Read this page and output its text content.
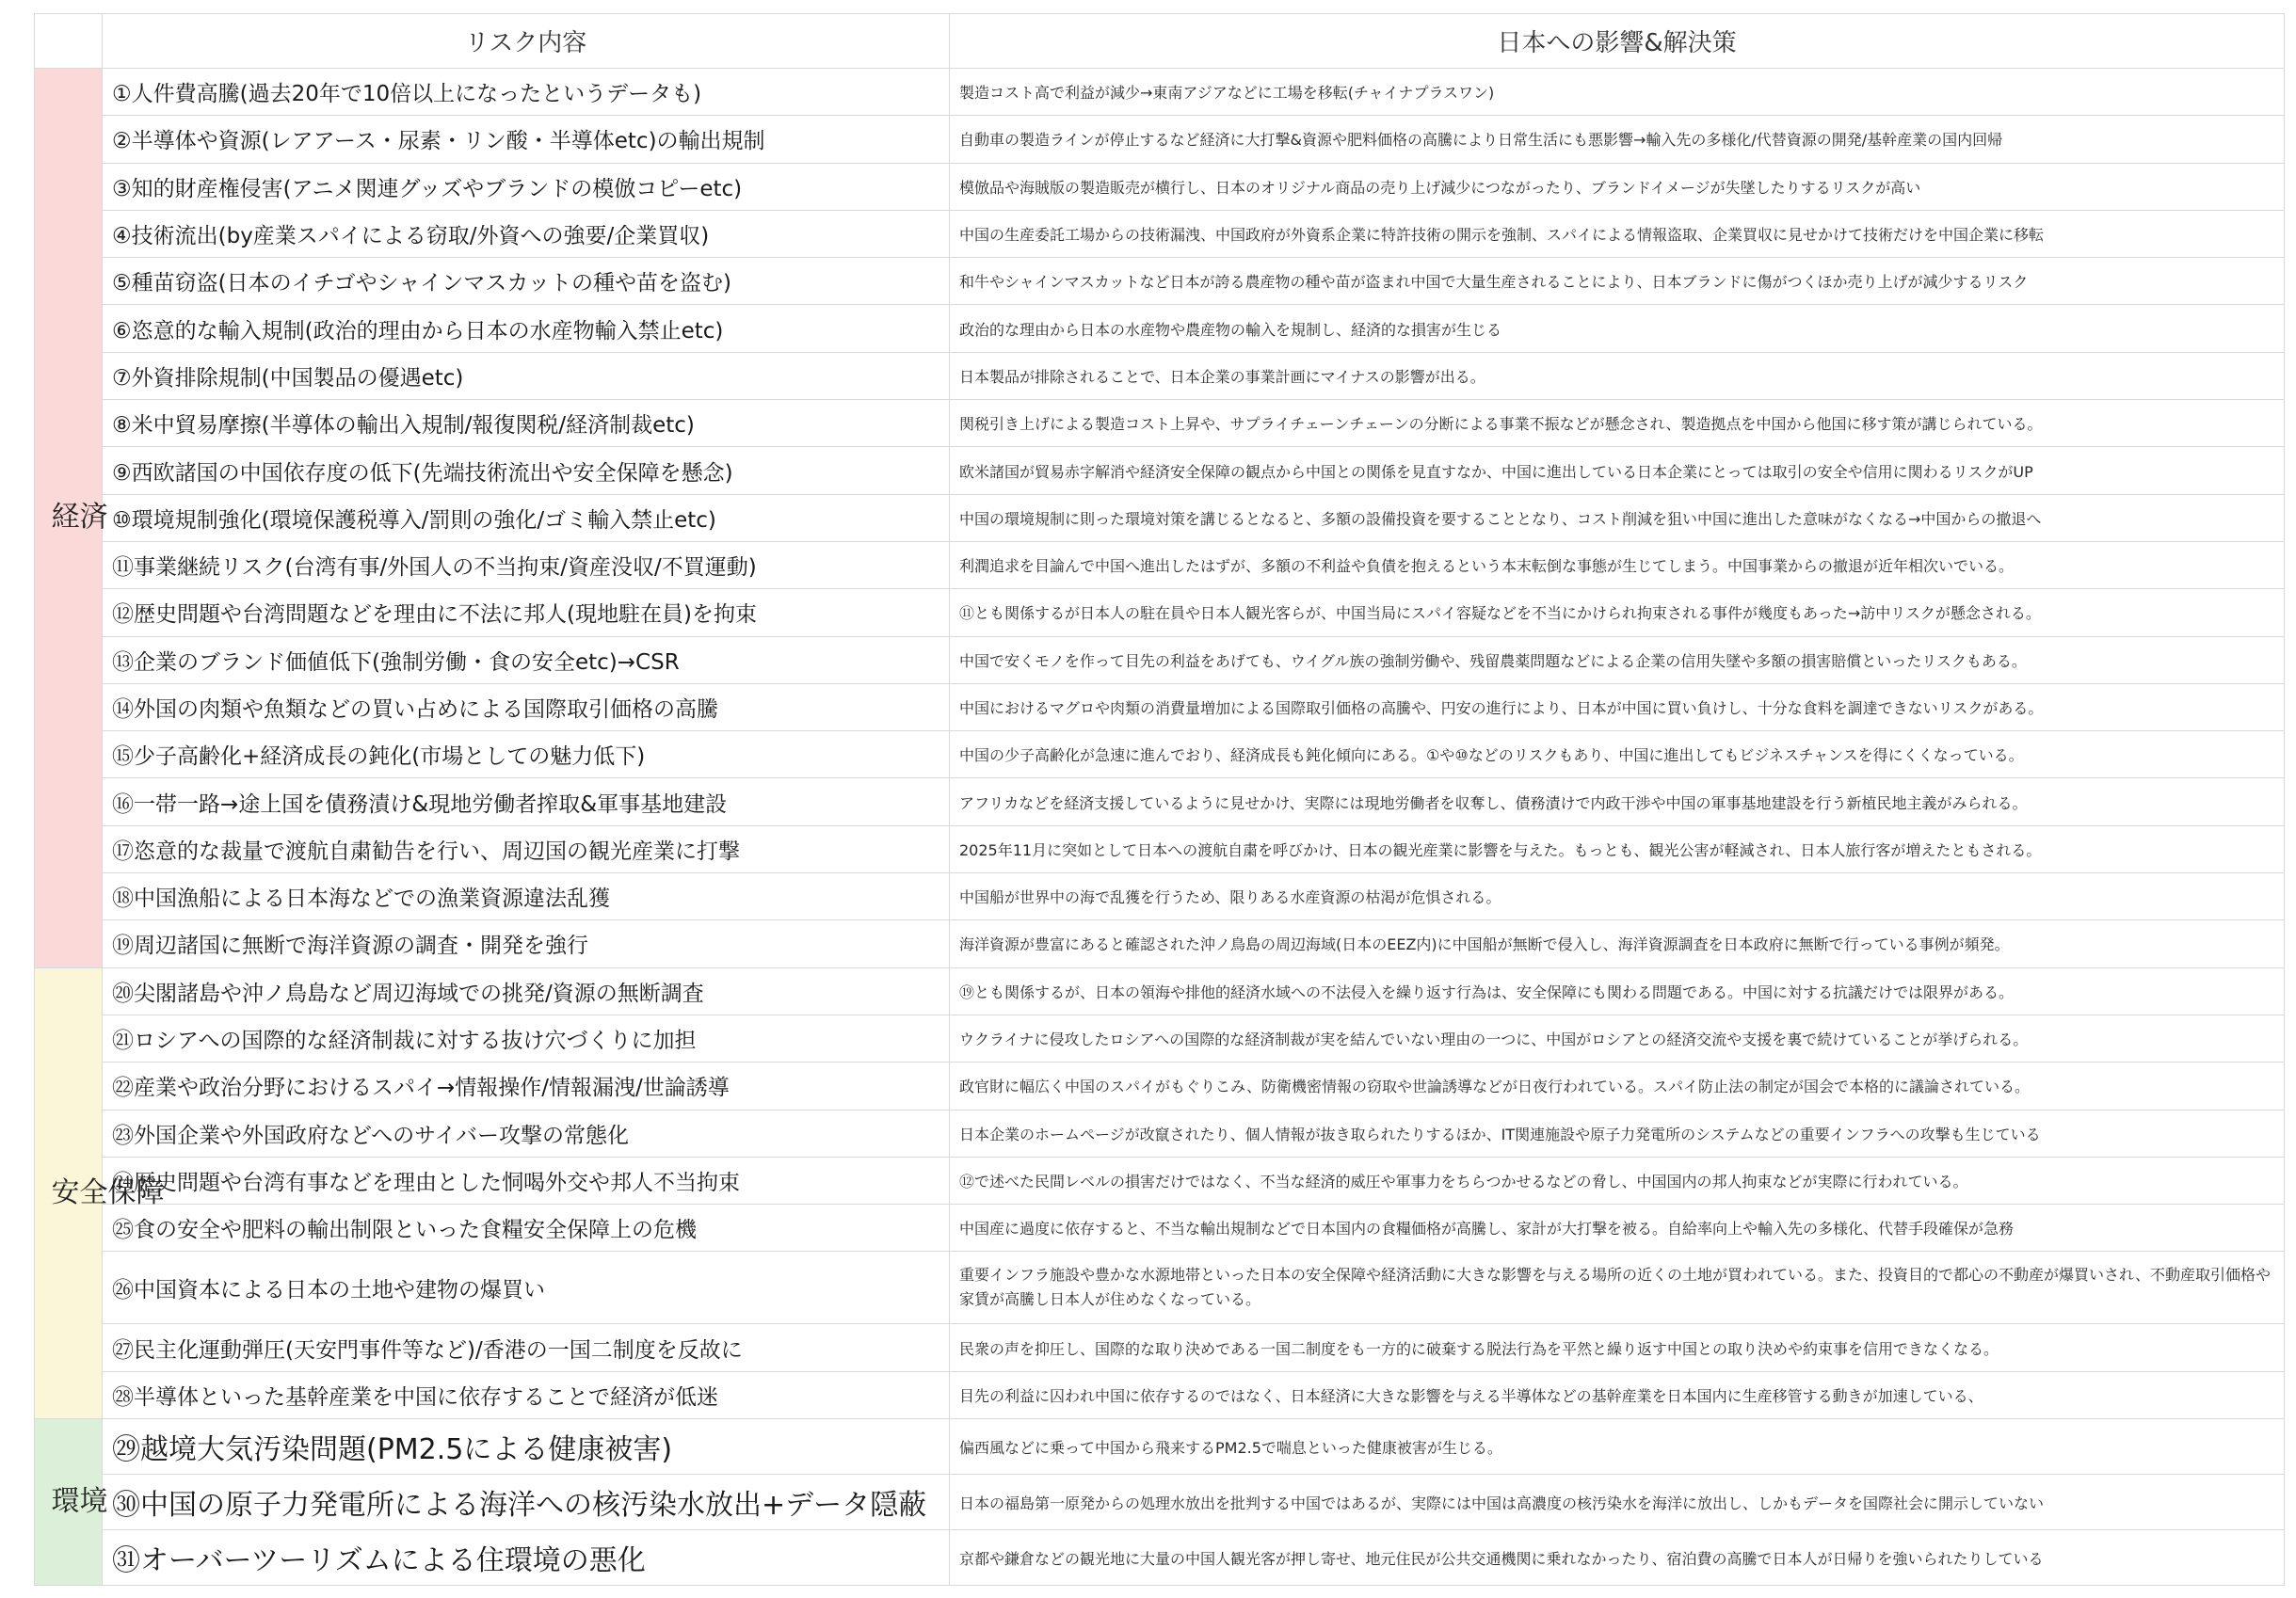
	リスク内容	日本への影響&解決策
経済	①人件費高騰(過去20年で10倍以上になったというデータも)	製造コスト高で利益が減少→東南アジアなどに工場を移転(チャイナプラスワン)
	②半導体や資源(レアアース・尿素・リン酸・半導体etc)の輸出規制	自動車の製造ラインが停止するなど経済に大打撃&資源や肥料価格の高騰により日常生活にも悪影響→輸入先の多様化/代替資源の開発/基幹産業の国内回帰
	③知的財産権侵害(アニメ関連グッズやブランドの模倣コピーetc)	模倣品や海賊版の製造販売が横行し、日本のオリジナル商品の売り上げ減少につながったり、ブランドイメージが失墜したりするリスクが高い
	④技術流出(by産業スパイによる窃取/外資への強要/企業買収)	中国の生産委託工場からの技術漏洩、中国政府が外資系企業に特許技術の開示を強制、スパイによる情報盗取、企業買収に見せかけて技術だけを中国企業に移転
	⑤種苗窃盗(日本のイチゴやシャインマスカットの種や苗を盗む)	和牛やシャインマスカットなど日本が誇る農産物の種や苗が盗まれ中国で大量生産されることにより、日本ブランドに傷がつくほか売り上げが減少するリスク
	⑥恣意的な輸入規制(政治的理由から日本の水産物輸入禁止etc)	政治的な理由から日本の水産物や農産物の輸入を規制し、経済的な損害が生じる
	⑦外資排除規制(中国製品の優遇etc)	日本製品が排除されることで、日本企業の事業計画にマイナスの影響が出る。
	⑧米中貿易摩擦(半導体の輸出入規制/報復関税/経済制裁etc)	関税引き上げによる製造コスト上昇や、サプライチェーンチェーンの分断による事業不振などが懸念され、製造拠点を中国から他国に移す策が講じられている。
	⑨西欧諸国の中国依存度の低下(先端技術流出や安全保障を懸念)	欧米諸国が貿易赤字解消や経済安全保障の観点から中国との関係を見直すなか、中国に進出している日本企業にとっては取引の安全や信用に関わるリスクがUP
	⑩環境規制強化(環境保護税導入/罰則の強化/ゴミ輸入禁止etc)	中国の環境規制に則った環境対策を講じるとなると、多額の設備投資を要することとなり、コスト削減を狙い中国に進出した意味がなくなる→中国からの撤退へ
	⑪事業継続リスク(台湾有事/外国人の不当拘束/資産没収/不買運動)	利潤追求を目論んで中国へ進出したはずが、多額の不利益や負債を抱えるという本末転倒な事態が生じてしまう。中国事業からの撤退が近年相次いでいる。
	⑫歴史問題や台湾問題などを理由に不法に邦人(現地駐在員)を拘束	⑪とも関係するが日本人の駐在員や日本人観光客らが、中国当局にスパイ容疑などを不当にかけられ拘束される事件が幾度もあった→訪中リスクが懸念される。
	⑬企業のブランド価値低下(強制労働・食の安全etc)→CSR	中国で安くモノを作って目先の利益をあげても、ウイグル族の強制労働や、残留農薬問題などによる企業の信用失墜や多額の損害賠償といったリスクもある。
	⑭外国の肉類や魚類などの買い占めによる国際取引価格の高騰	中国におけるマグロや肉類の消費量増加による国際取引価格の高騰や、円安の進行により、日本が中国に買い負けし、十分な食料を調達できないリスクがある。
	⑮少子高齢化+経済成長の鈍化(市場としての魅力低下)	中国の少子高齢化が急速に進んでおり、経済成長も鈍化傾向にある。①や⑩などのリスクもあり、中国に進出してもビジネスチャンスを得にくくなっている。
	⑯一帯一路→途上国を債務漬け&現地労働者搾取&軍事基地建設	アフリカなどを経済支援しているように見せかけ、実際には現地労働者を収奪し、債務漬けで内政干渉や中国の軍事基地建設を行う新植民地主義がみられる。
	⑰恣意的な裁量で渡航自粛勧告を行い、周辺国の観光産業に打撃	2025年11月に突如として日本への渡航自粛を呼びかけ、日本の観光産業に影響を与えた。もっとも、観光公害が軽減され、日本人旅行客が増えたともされる。
	⑱中国漁船による日本海などでの漁業資源違法乱獲	中国船が世界中の海で乱獲を行うため、限りある水産資源の枯渇が危惧される。
	⑲周辺諸国に無断で海洋資源の調査・開発を強行	海洋資源が豊富にあると確認された沖ノ鳥島の周辺海域(日本のEEZ内)に中国船が無断で侵入し、海洋資源調査を日本政府に無断で行っている事例が頻発。
安全保障	⑳尖閣諸島や沖ノ鳥島など周辺海域での挑発/資源の無断調査	⑲とも関係するが、日本の領海や排他的経済水域への不法侵入を繰り返す行為は、安全保障にも関わる問題である。中国に対する抗議だけでは限界がある。
	㉑ロシアへの国際的な経済制裁に対する抜け穴づくりに加担	ウクライナに侵攻したロシアへの国際的な経済制裁が実を結んでいない理由の一つに、中国がロシアとの経済交流や支援を裏で続けていることが挙げられる。
	㉒産業や政治分野におけるスパイ→情報操作/情報漏洩/世論誘導	政官財に幅広く中国のスパイがもぐりこみ、防衛機密情報の窃取や世論誘導などが日夜行われている。スパイ防止法の制定が国会で本格的に議論されている。
	㉓外国企業や外国政府などへのサイバー攻撃の常態化	日本企業のホームページが改竄されたり、個人情報が抜き取られたりするほか、IT関連施設や原子力発電所のシステムなどの重要インフラへの攻撃も生じている
	㉔歴史問題や台湾有事などを理由とした恫喝外交や邦人不当拘束	⑫で述べた民間レベルの損害だけではなく、不当な経済的威圧や軍事力をちらつかせるなどの脅し、中国国内の邦人拘束などが実際に行われている。
	㉕食の安全や肥料の輸出制限といった食糧安全保障上の危機	中国産に過度に依存すると、不当な輸出規制などで日本国内の食糧価格が高騰し、家計が大打撃を被る。自給率向上や輸入先の多様化、代替手段確保が急務
	㉖中国資本による日本の土地や建物の爆買い	重要インフラ施設や豊かな水源地帯といった日本の安全保障や経済活動に大きな影響を与える場所の近くの土地が買われている。また、投資目的で都心の不動産が爆買いされ、不動産取引価格や家賃が高騰し日本人が住めなくなっている。
	㉗民主化運動弾圧(天安門事件等など)/香港の一国二制度を反故に	民衆の声を抑圧し、国際的な取り決めである一国二制度をも一方的に破棄する脱法行為を平然と繰り返す中国との取り決めや約束事を信用できなくなる。
	㉘半導体といった基幹産業を中国に依存することで経済が低迷	目先の利益に囚われ中国に依存するのではなく、日本経済に大きな影響を与える半導体などの基幹産業を日本国内に生産移管する動きが加速している、
環境	㉙越境大気汚染問題(PM2.5による健康被害)	偏西風などに乗って中国から飛来するPM2.5で喘息といった健康被害が生じる。
	㉚中国の原子力発電所による海洋への核汚染水放出+データ隠蔽	日本の福島第一原発からの処理水放出を批判する中国ではあるが、実際には中国は高濃度の核汚染水を海洋に放出し、しかもデータを国際社会に開示していない
	㉛オーバーツーリズムによる住環境の悪化	京都や鎌倉などの観光地に大量の中国人観光客が押し寄せ、地元住民が公共交通機関に乗れなかったり、宿泊費の高騰で日本人が日帰りを強いられたりしている
